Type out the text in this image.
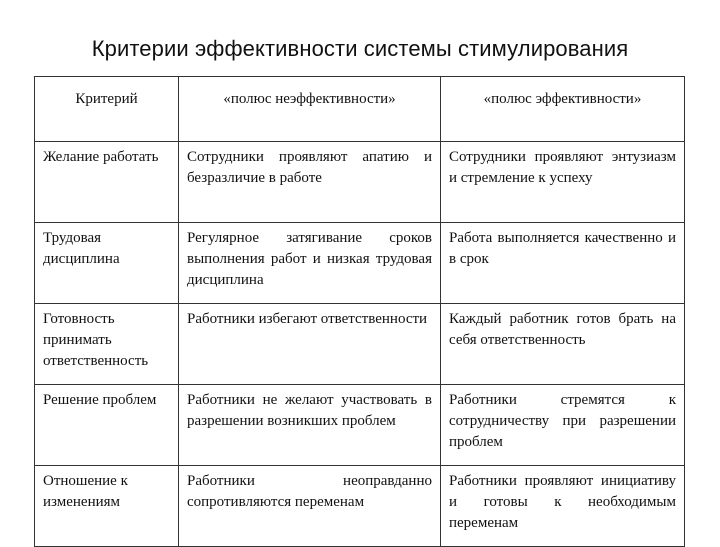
Критерии эффективности системы стимулирования
Критерий	«полюс неэффективности»	«полюс эффективности»
Желание работать	Сотрудники проявляют апатию и безразличие в работе	Сотрудники проявляют энтузиазм и стремление к успеху
Трудовая дисциплина	Регулярное затягивание сроков выполнения работ и низкая трудовая дисциплина	Работа выполняется качественно и в срок
Готовность принимать ответственность	Работники избегают ответственности	Каждый работник готов брать на себя ответственность
Решение проблем	Работники не желают участвовать в разрешении возникших проблем	Работники стремятся к сотрудничеству при разрешении проблем
Отношение к изменениям	Работники неоправданно сопротивляются переменам	Работники проявляют инициативу и готовы к необходимым переменам
